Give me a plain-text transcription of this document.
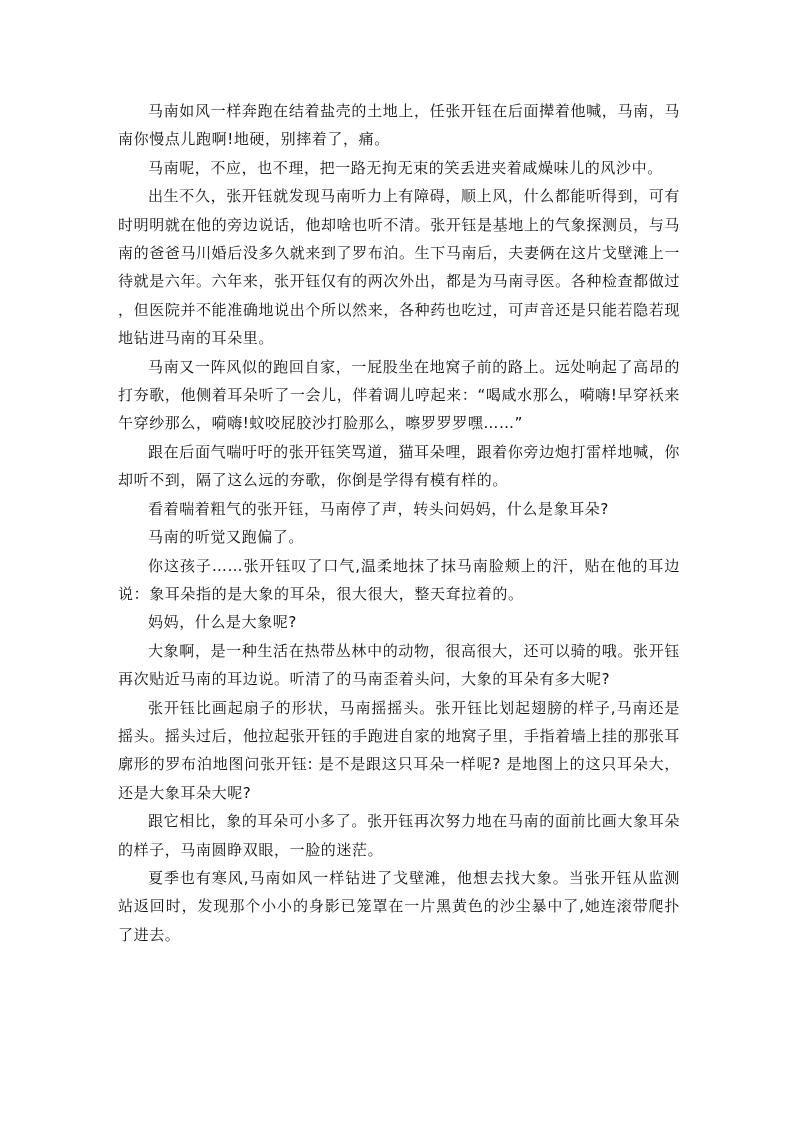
马南如风一样奔跑在结着盐壳的土地上，任张开钰在后面撵着他喊，马南，马南你慢点儿跑啊!地硬，别摔着了，痛。

马南呢，不应，也不理，把一路无拘无束的笑丢进夹着咸燥味儿的风沙中。

出生不久，张开钰就发现马南听力上有障碍，顺上风，什么都能听得到，可有时明明就在他的旁边说话，他却啥也听不清。张开钰是基地上的气象探测员，与马南的爸爸马川婚后没多久就来到了罗布泊。生下马南后，夫妻俩在这片戈壁滩上一待就是六年。六年来，张开钰仅有的两次外出，都是为马南寻医。各种检查都做过，但医院并不能准确地说出个所以然来，各种药也吃过，可声音还是只能若隐若现地钻进马南的耳朵里。

马南又一阵风似的跑回自家，一屁股坐在地窝子前的路上。远处响起了高昂的打夯歌，他侧着耳朵听了一会儿，伴着调儿哼起来：“喝咸水那么，嗬嗨!早穿袄来午穿纱那么，嗬嗨!蚊咬屁胶沙打脸那么，嚓罗罗罗嘿……”

跟在后面气喘吁吁的张开钰笑骂道，猫耳朵哩，跟着你旁边炮打雷样地喊，你却听不到，隔了这么远的夯歌，你倒是学得有模有样的。

看着喘着粗气的张开钰，马南停了声，转头问妈妈，什么是象耳朵?

马南的听觉又跑偏了。

你这孩子……张开钰叹了口气,温柔地抹了抹马南脸颊上的汗，贴在他的耳边说：象耳朵指的是大象的耳朵，很大很大，整天耷拉着的。

妈妈，什么是大象呢?

大象啊，是一种生活在热带丛林中的动物，很高很大，还可以骑的哦。张开钰再次贴近马南的耳边说。听清了的马南歪着头问，大象的耳朵有多大呢?

张开钰比画起扇子的形状，马南摇摇头。张开钰比划起翅膀的样子,马南还是摇头。摇头过后，他拉起张开钰的手跑进自家的地窝子里，手指着墙上挂的那张耳廓形的罗布泊地图问张开钰: 是不是跟这只耳朵一样呢? 是地图上的这只耳朵大，还是大象耳朵大呢?

跟它相比，象的耳朵可小多了。张开钰再次努力地在马南的面前比画大象耳朵的样子，马南圆睁双眼，一脸的迷茫。

夏季也有寒风,马南如风一样钻进了戈壁滩，他想去找大象。当张开钰从监测站返回时，发现那个小小的身影已笼罩在一片黑黄色的沙尘暴中了,她连滚带爬扑了进去。
